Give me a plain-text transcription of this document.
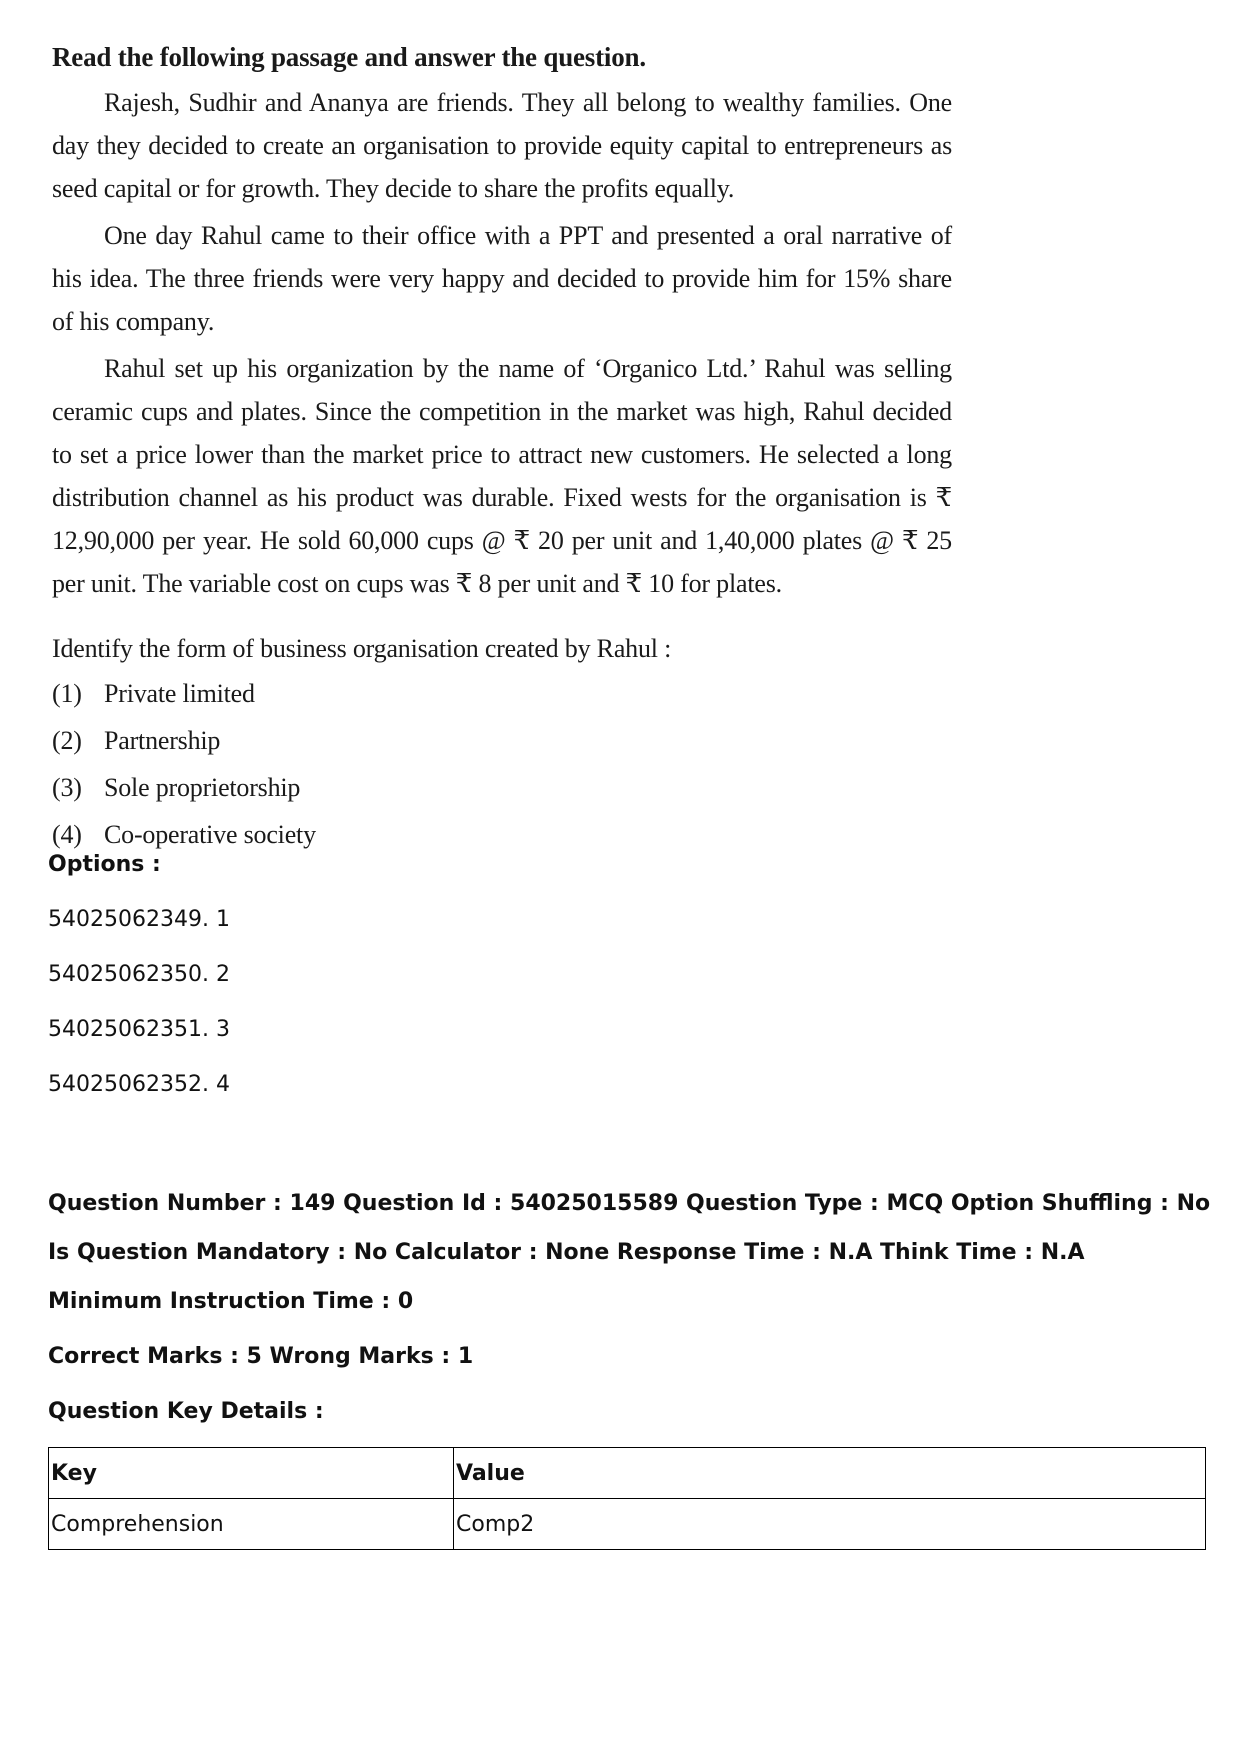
Read the following passage and answer the question.

Rajesh, Sudhir and Ananya are friends. They all belong to wealthy families. One day they decided to create an organisation to provide equity capital to entrepreneurs as seed capital or for growth. They decide to share the profits equally.

One day Rahul came to their office with a PPT and presented a oral narrative of his idea. The three friends were very happy and decided to provide him for 15% share of his company.

Rahul set up his organization by the name of ‘Organico Ltd.’ Rahul was selling ceramic cups and plates. Since the competition in the market was high, Rahul decided to set a price lower than the market price to attract new customers. He selected a long distribution channel as his product was durable. Fixed wests for the organisation is ₹ 12,90,000 per year. He sold 60,000 cups @ ₹ 20 per unit and 1,40,000 plates @ ₹ 25 per unit. The variable cost on cups was ₹ 8 per unit and ₹ 10 for plates.

Identify the form of business organisation created by Rahul :

(1) Private limited
(2) Partnership
(3) Sole proprietorship
(4) Co-operative society
Options :
54025062349. 1
54025062350. 2
54025062351. 3
54025062352. 4
Question Number : 149 Question Id : 54025015589 Question Type : MCQ Option Shuffling : No
Is Question Mandatory : No Calculator : None Response Time : N.A Think Time : N.A
Minimum Instruction Time : 0
Correct Marks : 5 Wrong Marks : 1
Question Key Details :
Key	Value
Comprehension	Comp2
